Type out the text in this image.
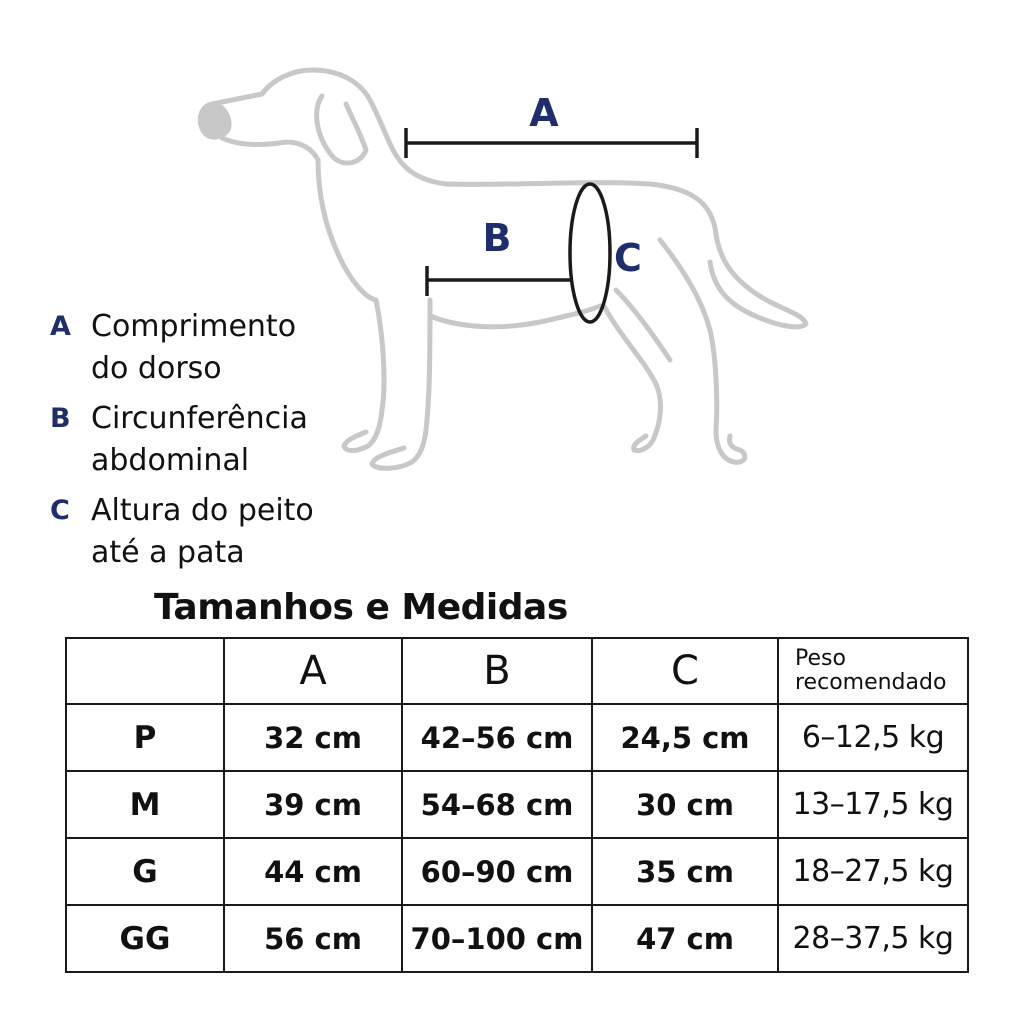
A
B	C
A Comprimento
do dorso
B Circunferência
abdominal
C Altura do peito
até a pata
Tamanhos e Medidas
	A	B	C	Peso
recomendado
P	32 cm	42–56 cm	24,5 cm	6–12,5 kg
M	39 cm	54–68 cm	30 cm	13–17,5 kg
G	44 cm	60–90 cm	35 cm	18–27,5 kg
GG	56 cm	70–100 cm	47 cm	28–37,5 kg
